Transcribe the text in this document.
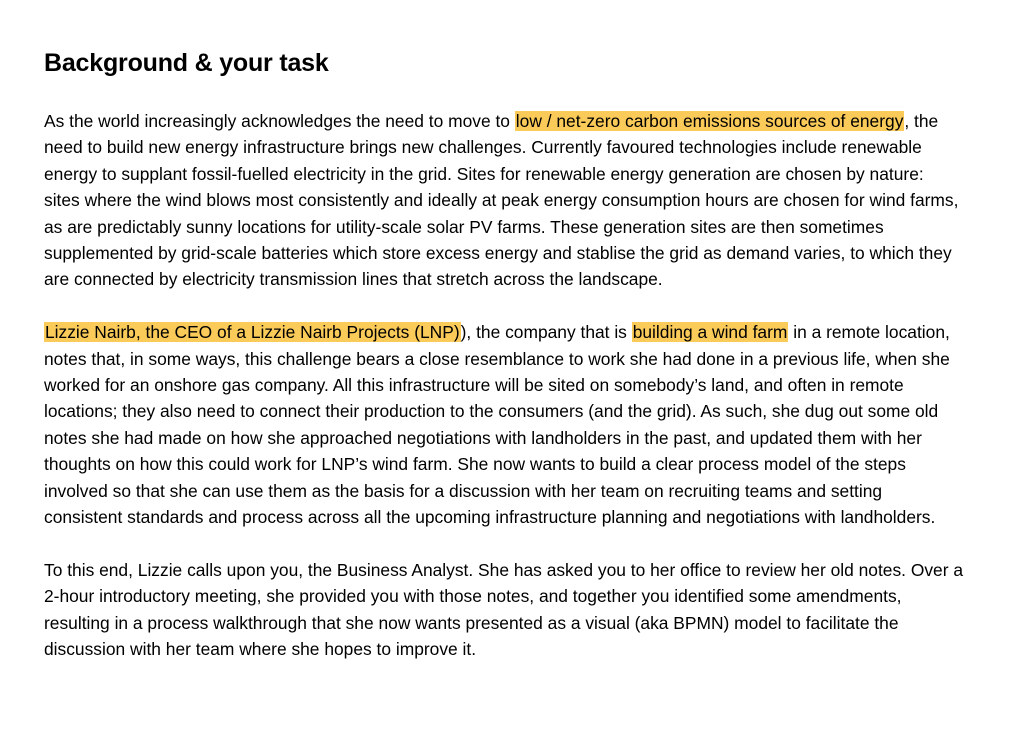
Background & your task

As the world increasingly acknowledges the need to move to low / net-zero carbon emissions sources of energy, the need to build new energy infrastructure brings new challenges. Currently favoured technologies include renewable energy to supplant fossil-fuelled electricity in the grid. Sites for renewable energy generation are chosen by nature: sites where the wind blows most consistently and ideally at peak energy consumption hours are chosen for wind farms, as are predictably sunny locations for utility-scale solar PV farms. These generation sites are then sometimes supplemented by grid-scale batteries which store excess energy and stablise the grid as demand varies, to which they are connected by electricity transmission lines that stretch across the landscape.

Lizzie Nairb, the CEO of a Lizzie Nairb Projects (LNP)), the company that is building a wind farm in a remote location, notes that, in some ways, this challenge bears a close resemblance to work she had done in a previous life, when she worked for an onshore gas company. All this infrastructure will be sited on somebody’s land, and often in remote locations; they also need to connect their production to the consumers (and the grid). As such, she dug out some old notes she had made on how she approached negotiations with landholders in the past, and updated them with her thoughts on how this could work for LNP’s wind farm. She now wants to build a clear process model of the steps involved so that she can use them as the basis for a discussion with her team on recruiting teams and setting consistent standards and process across all the upcoming infrastructure planning and negotiations with landholders.

To this end, Lizzie calls upon you, the Business Analyst. She has asked you to her office to review her old notes. Over a 2-hour introductory meeting, she provided you with those notes, and together you identified some amendments, resulting in a process walkthrough that she now wants presented as a visual (aka BPMN) model to facilitate the discussion with her team where she hopes to improve it.
